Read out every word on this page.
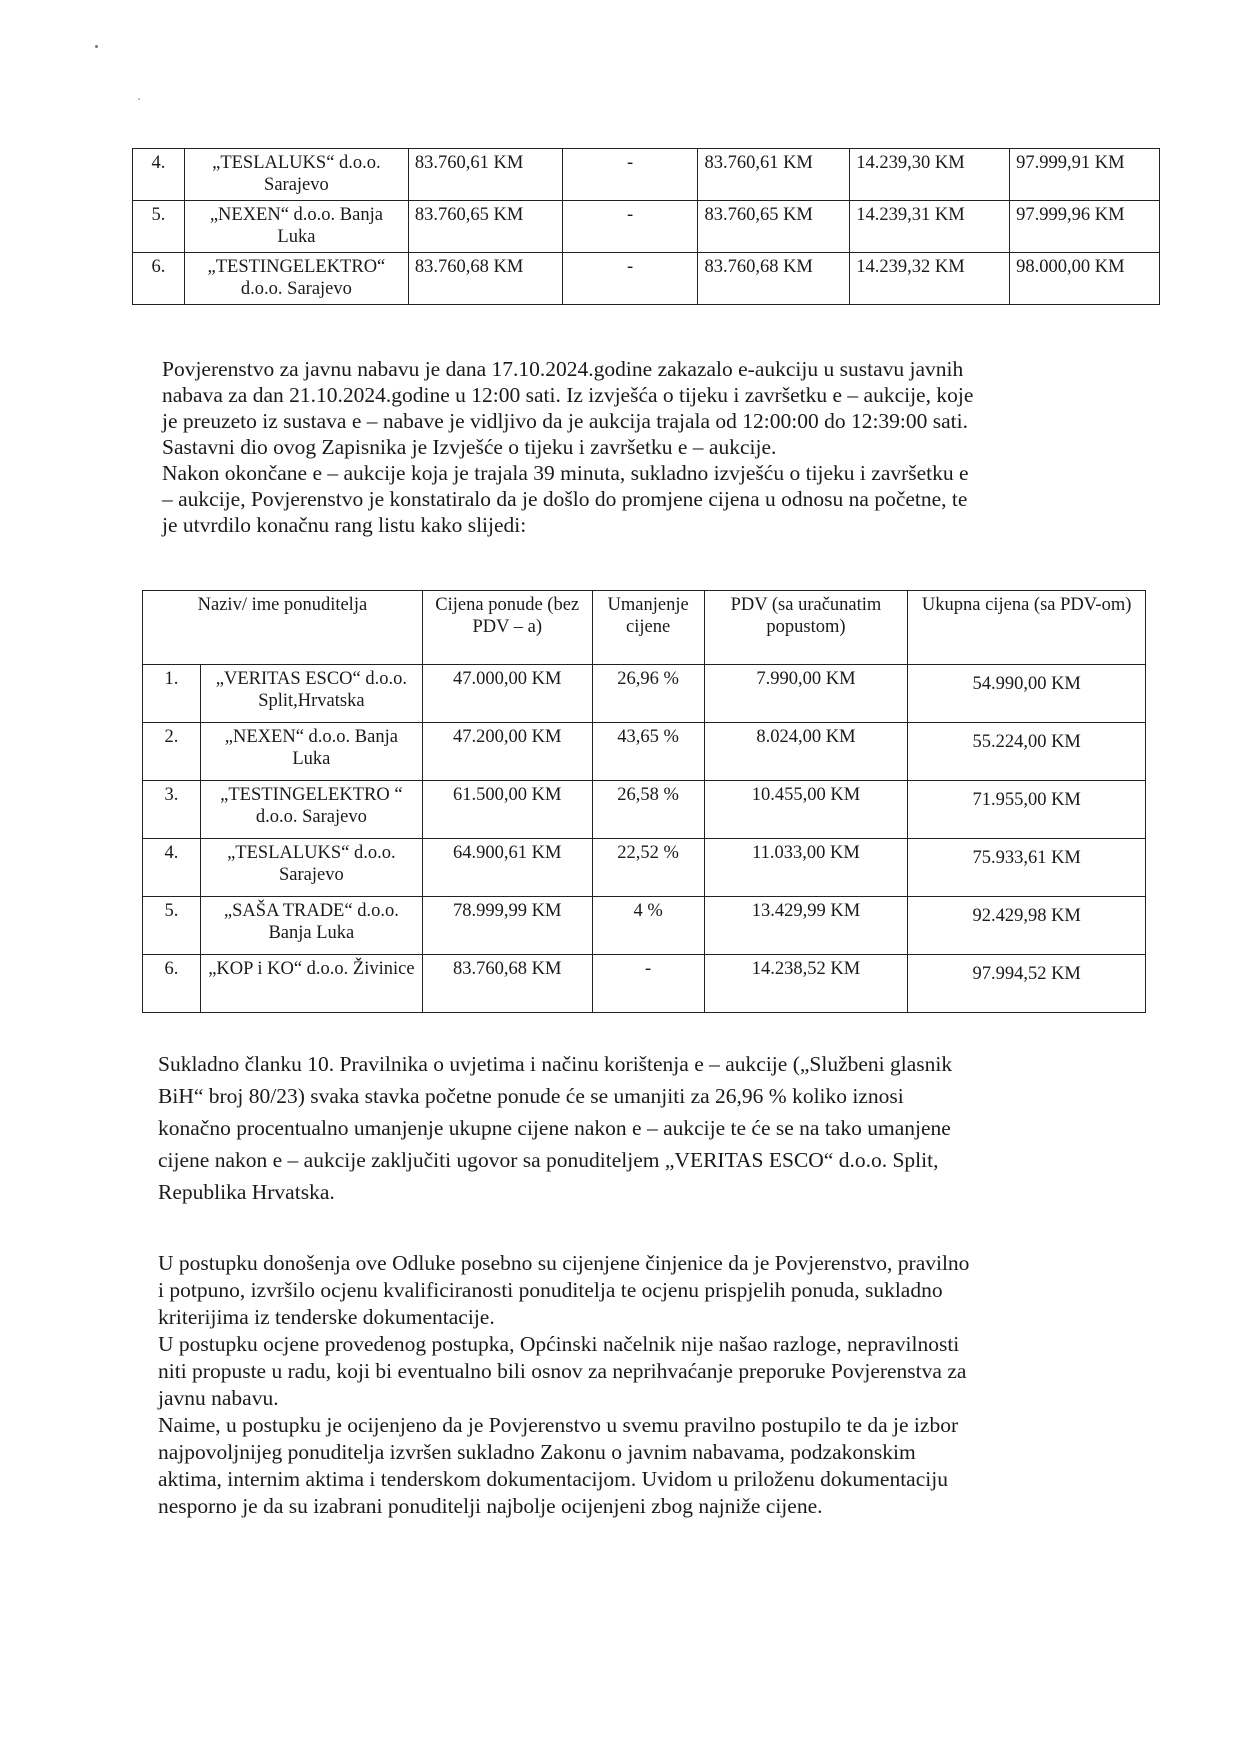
4.	„TESLALUKS“ d.o.o. Sarajevo	83.760,61 KM	-	83.760,61 KM	14.239,30 KM	97.999,91 KM
5.	„NEXEN“ d.o.o. Banja Luka	83.760,65 KM	-	83.760,65 KM	14.239,31 KM	97.999,96 KM
6.	„TESTINGELEKTRO“ d.o.o. Sarajevo	83.760,68 KM	-	83.760,68 KM	14.239,32 KM	98.000,00 KM

Povjerenstvo za javnu nabavu je dana 17.10.2024.godine zakazalo e-aukciju u sustavu javnih

nabava za dan 21.10.2024.godine u 12:00 sati. Iz izvješća o tijeku i završetku e – aukcije, koje

je preuzeto iz sustava e – nabave je vidljivo da je aukcija trajala od 12:00:00 do 12:39:00 sati.

Sastavni dio ovog Zapisnika je Izvješće o tijeku i završetku e – aukcije.

Nakon okončane e – aukcije koja je trajala 39 minuta, sukladno izvješću o tijeku i završetku e

– aukcije, Povjerenstvo je konstatiralo da je došlo do promjene cijena u odnosu na početne, te

je utvrdilo konačnu rang listu kako slijedi:

Naziv/ ime ponuditelja		Cijena ponude (bez PDV – a)	Umanjenje cijene	PDV (sa uračunatim popustom)	Ukupna cijena (sa PDV-om)
1.	„VERITAS ESCO“ d.o.o. Split,Hrvatska	47.000,00 KM	26,96 %	7.990,00 KM	54.990,00 KM
2.	„NEXEN“ d.o.o. Banja Luka	47.200,00 KM	43,65 %	8.024,00 KM	55.224,00 KM
3.	„TESTINGELEKTRO “ d.o.o. Sarajevo	61.500,00 KM	26,58 %	10.455,00 KM	71.955,00 KM
4.	„TESLALUKS“ d.o.o. Sarajevo	64.900,61 KM	22,52 %	11.033,00 KM	75.933,61 KM
5.	„SAŠA TRADE“ d.o.o. Banja Luka	78.999,99 KM	4 %	13.429,99 KM	92.429,98 KM
6.	„KOP i KO“ d.o.o. Živinice	83.760,68 KM	-	14.238,52 KM	97.994,52 KM

Sukladno članku 10. Pravilnika o uvjetima i načinu korištenja e – aukcije („Službeni glasnik

BiH“ broj 80/23) svaka stavka početne ponude će se umanjiti za 26,96 % koliko iznosi

konačno procentualno umanjenje ukupne cijene nakon e – aukcije te će se na tako umanjene

cijene nakon e – aukcije zaključiti ugovor sa ponuditeljem „VERITAS ESCO“ d.o.o. Split,

Republika Hrvatska.

U postupku donošenja ove Odluke posebno su cijenjene činjenice da je Povjerenstvo, pravilno

i potpuno, izvršilo ocjenu kvalificiranosti ponuditelja te ocjenu prispjelih ponuda, sukladno

kriterijima iz tenderske dokumentacije.

U postupku ocjene provedenog postupka, Općinski načelnik nije našao razloge, nepravilnosti

niti propuste u radu, koji bi eventualno bili osnov za neprihvaćanje preporuke Povjerenstva za

javnu nabavu.

Naime, u postupku je ocijenjeno da je Povjerenstvo u svemu pravilno postupilo te da je izbor

najpovoljnijeg ponuditelja izvršen sukladno Zakonu o javnim nabavama, podzakonskim

aktima, internim aktima i tenderskom dokumentacijom. Uvidom u priloženu dokumentaciju

nesporno je da su izabrani ponuditelji najbolje ocijenjeni zbog najniže cijene.
